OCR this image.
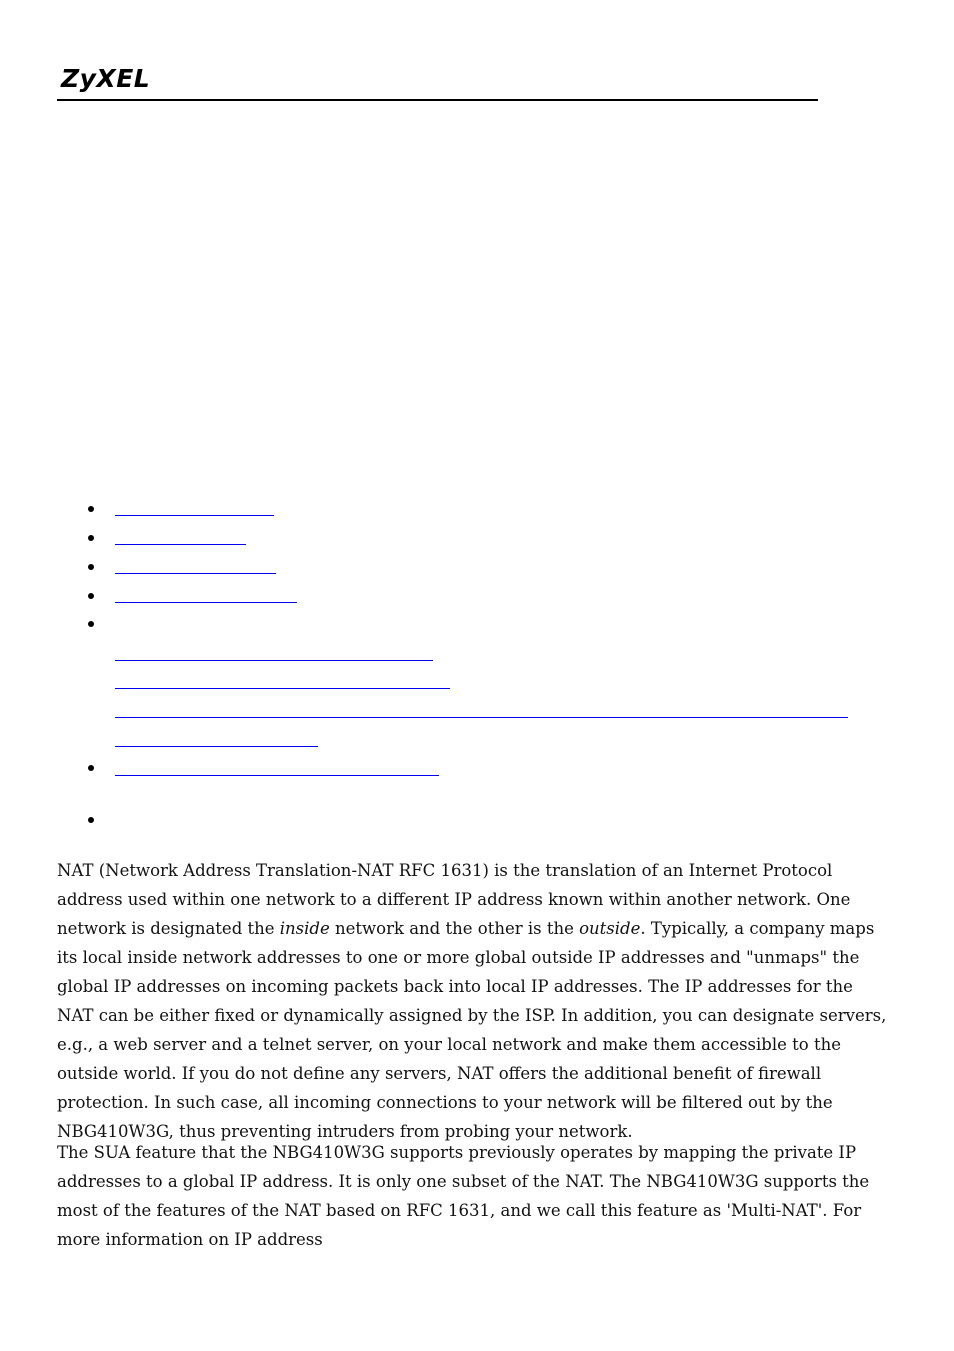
ZyXEL

NAT (Network Address Translation-NAT RFC 1631) is the translation of an Internet Protocol address used within one network to a different IP address known within another network. One network is designated the inside network and the other is the outside. Typically, a company maps its local inside network addresses to one or more global outside IP addresses and "unmaps" the global IP addresses on incoming packets back into local IP addresses. The IP addresses for the NAT can be either fixed or dynamically assigned by the ISP. In addition, you can designate servers, e.g., a web server and a telnet server, on your local network and make them accessible to the outside world. If you do not define any servers, NAT offers the additional benefit of firewall protection. In such case, all incoming connections to your network will be filtered out by the NBG410W3G, thus preventing intruders from probing your network.

The SUA feature that the NBG410W3G supports previously operates by mapping the private IP addresses to a global IP address. It is only one subset of the NAT. The NBG410W3G supports the most of the features of the NAT based on RFC 1631, and we call this feature as 'Multi-NAT'. For more information on IP address
